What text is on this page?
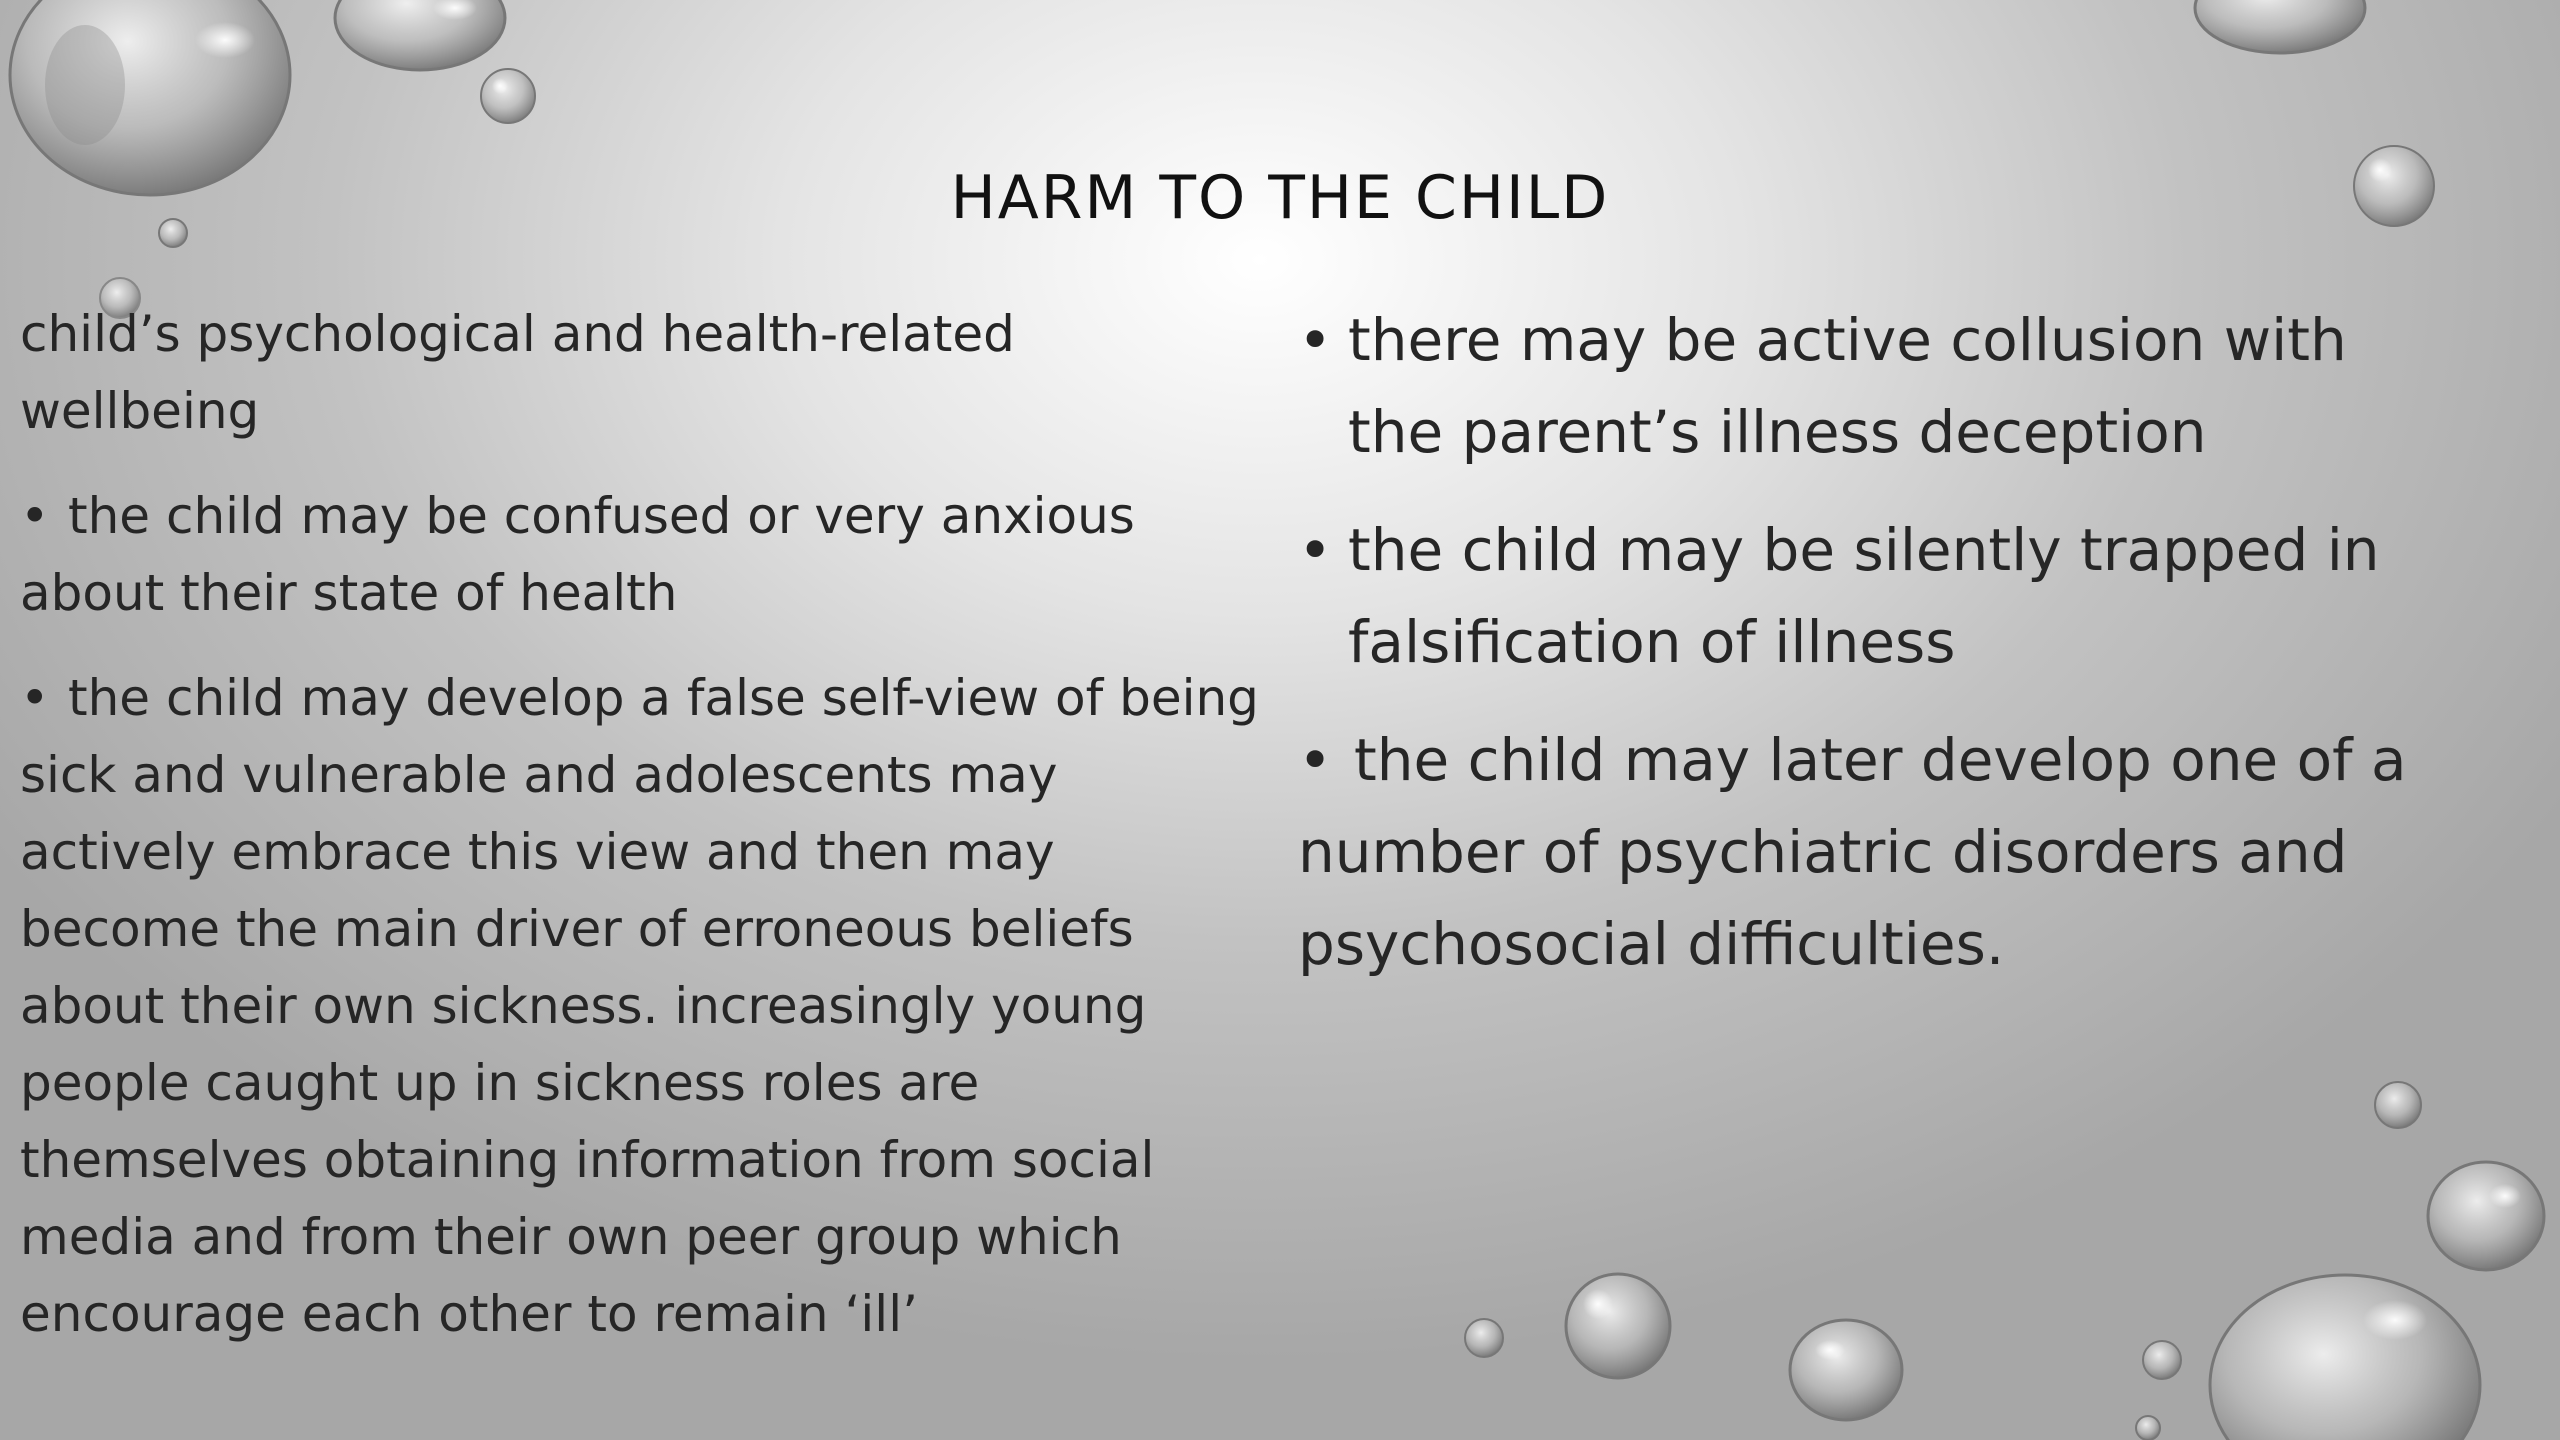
HARM TO THE CHILD

child’s psychological and health-related wellbeing

• the child may be confused or very anxious about their state of health

• the child may develop a false self-view of being sick and vulnerable and adolescents may actively embrace this view and then may become the main driver of erroneous beliefs about their own sickness. increasingly young people caught up in sickness roles are themselves obtaining information from social media and from their own peer group which encourage each other to remain ‘ill’

• there may be active collusion with the parent’s illness deception

• the child may be silently trapped in falsification of illness

• the child may later develop one of a number of psychiatric disorders and psychosocial difficulties.
